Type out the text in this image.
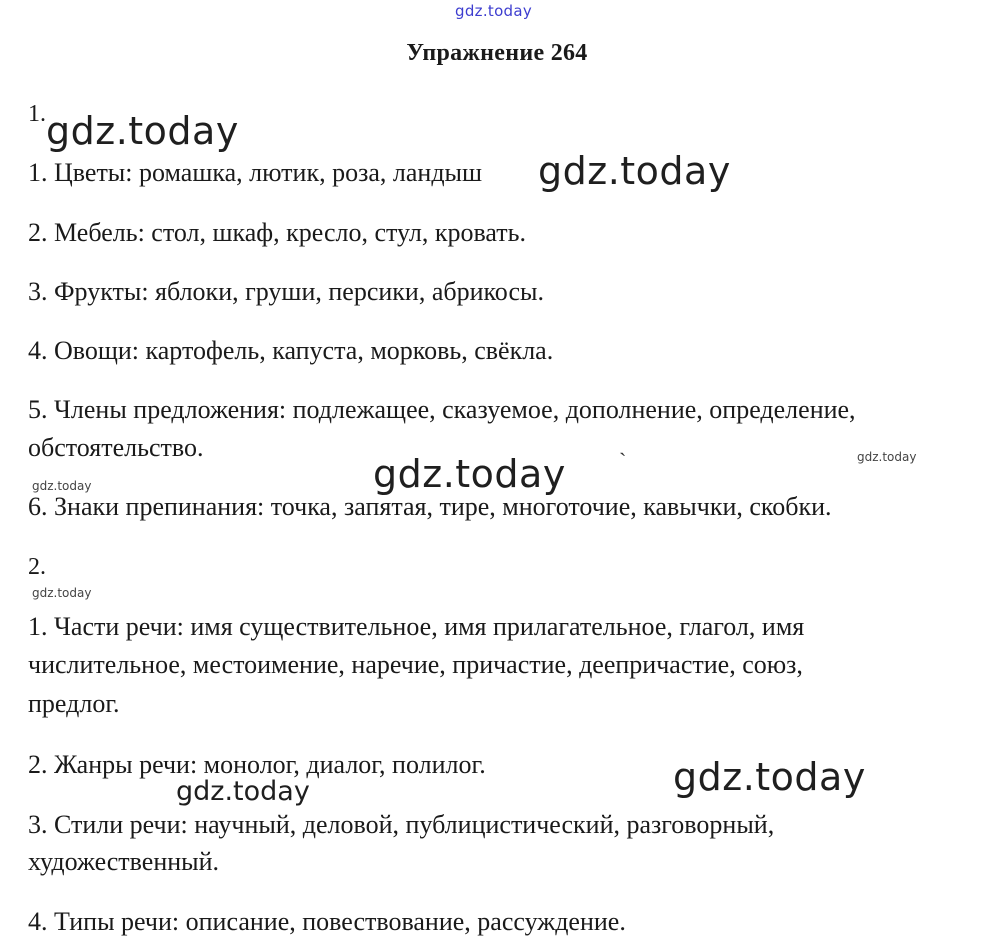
gdz.today
Упражнение 264
1. gdz.today
1. Цветы: ромашка, лютик, роза, ландыш gdz.today
2. Мебель: стол, шкаф, кресло, стул, кровать.
3. Фрукты: яблоки, груши, персики, абрикосы.
4. Овощи: картофель, капуста, морковь, свёкла.
5. Члены предложения: подлежащее, сказуемое, дополнение, определение,
обстоятельство.
gdz.today `	gdz.today
gdz.today
6. Знаки препинания: точка, запятая, тире, многоточие, кавычки, скобки.
2.
gdz.today
1. Части речи: имя существительное, имя прилагательное, глагол, имя
числительное, местоимение, наречие, причастие, деепричастие, союз,
предлог.
2. Жанры речи: монолог, диалог, полилог.
gdz.today	gdz.today
3. Стили речи: научный, деловой, публицистический, разговорный,
художественный.
4. Типы речи: описание, повествование, рассуждение.
